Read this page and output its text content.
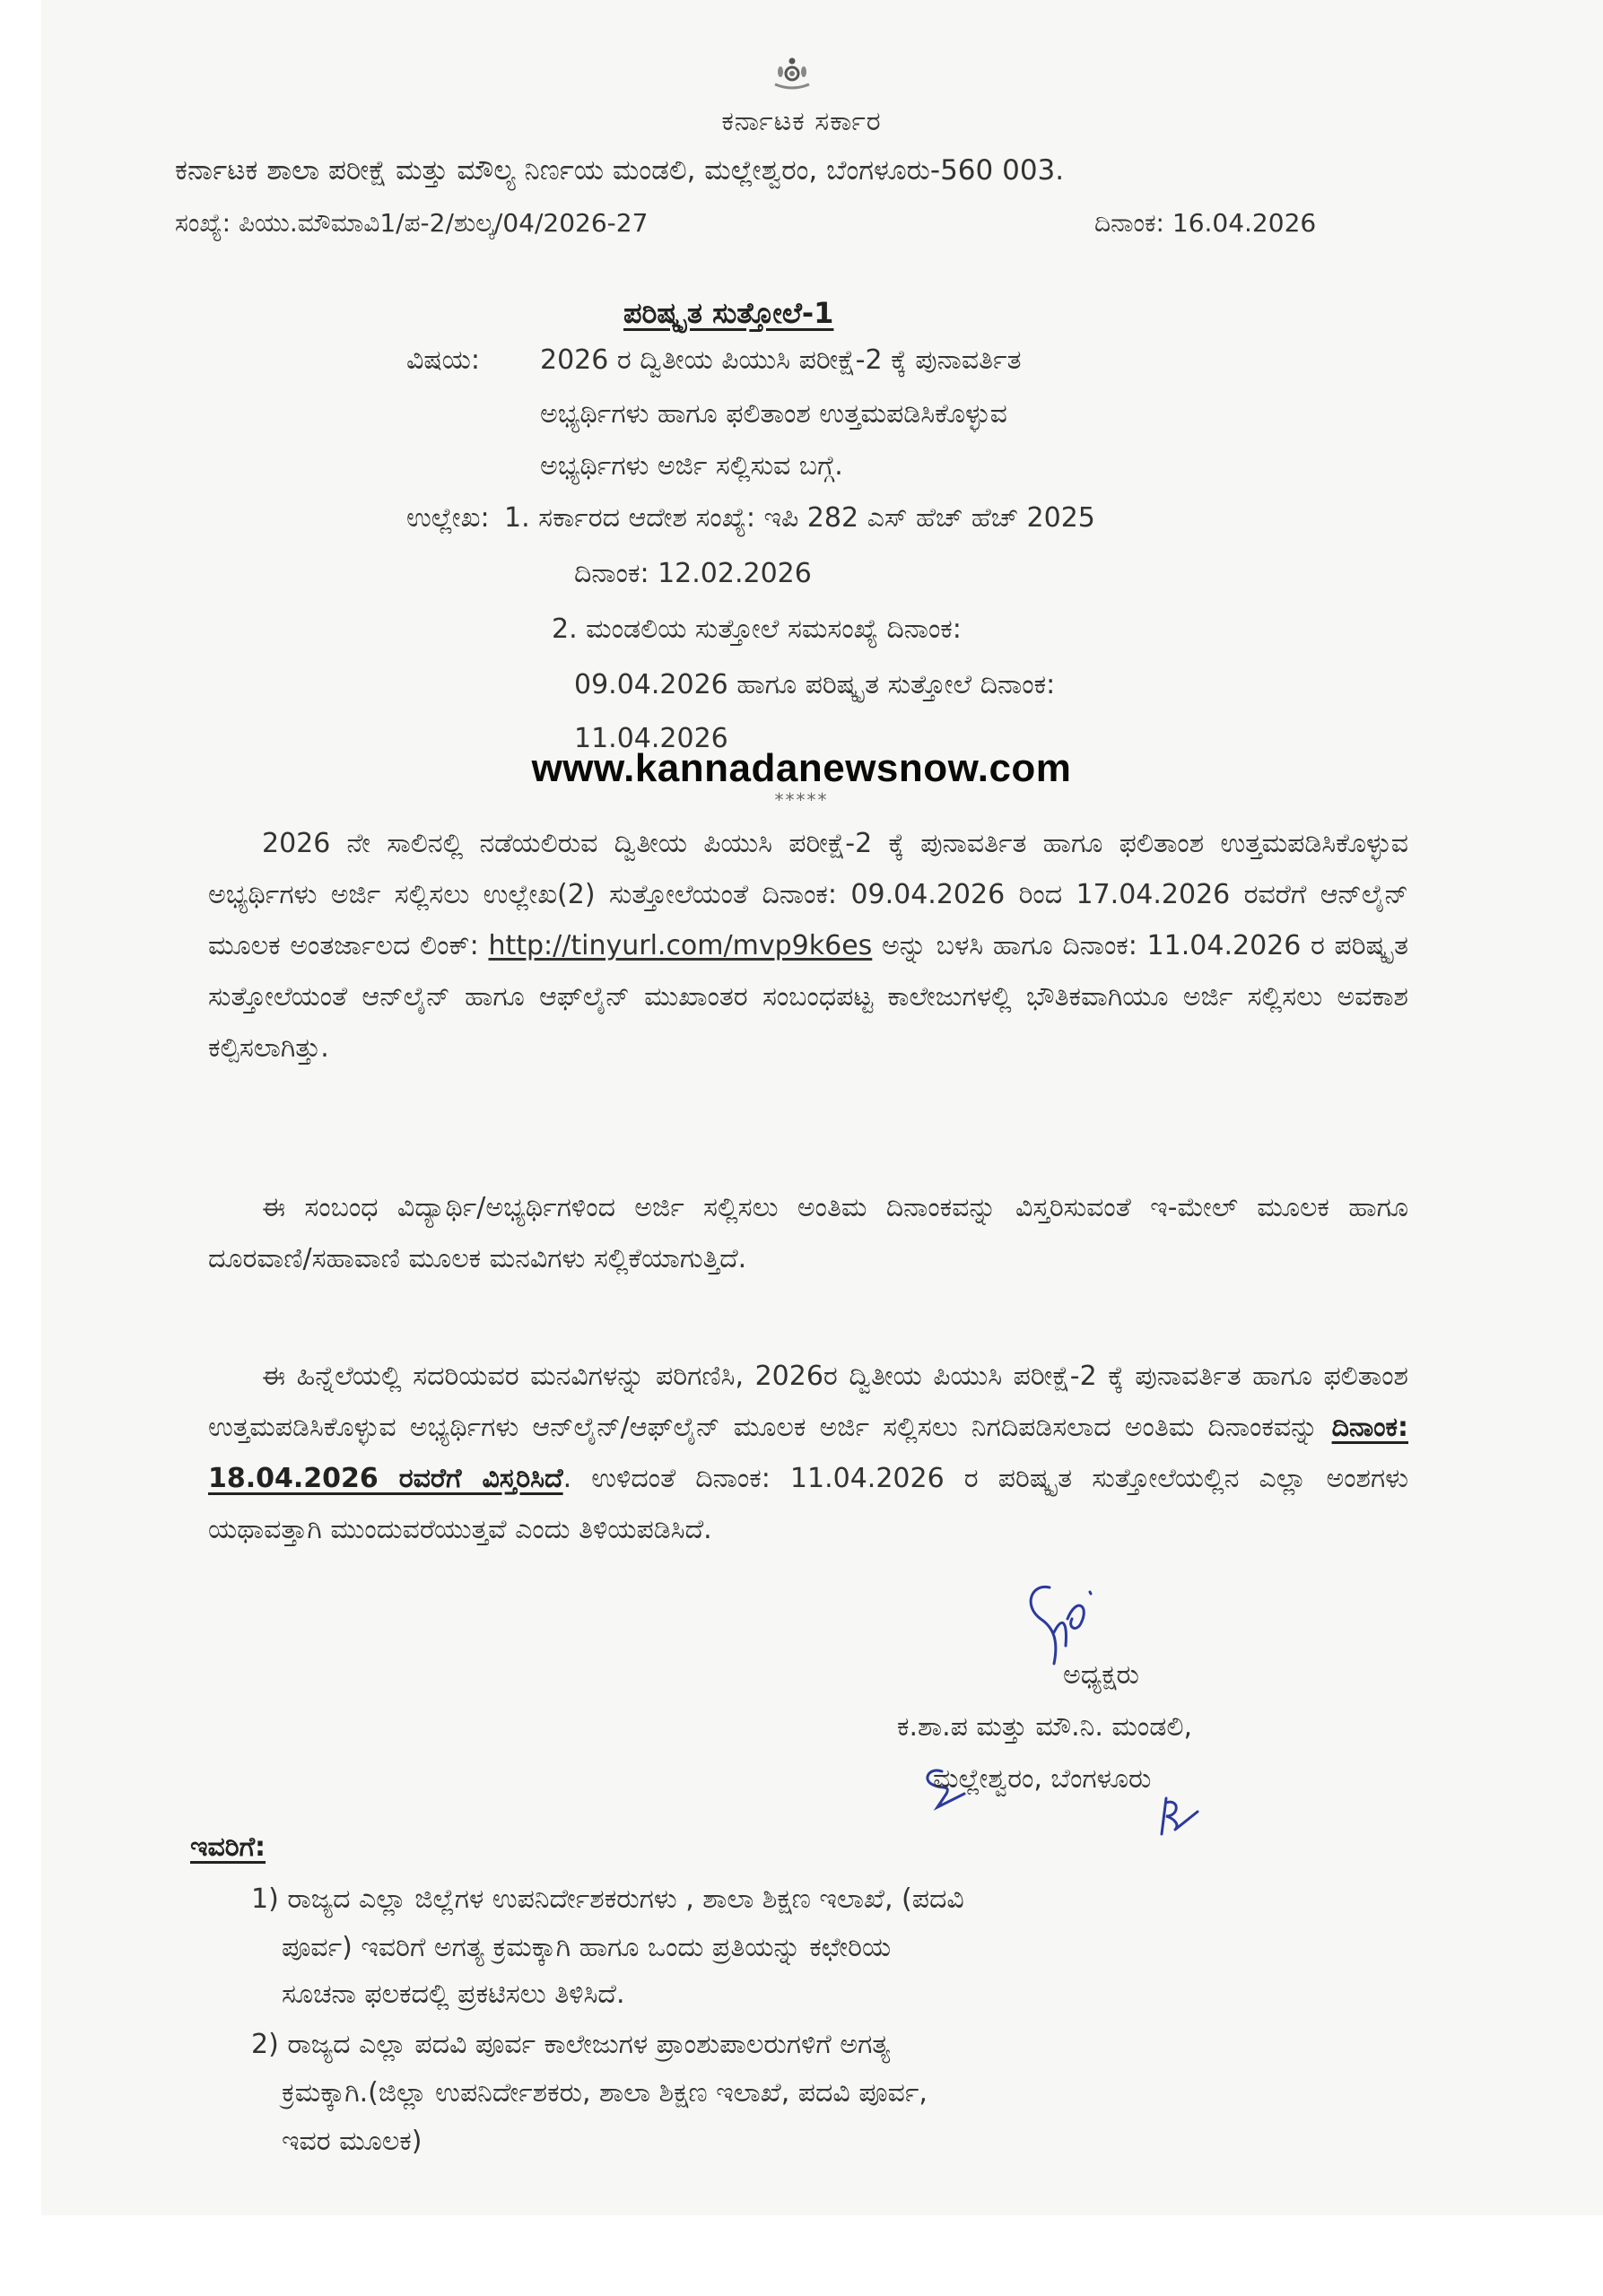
ಕರ್ನಾಟಕ ಸರ್ಕಾರ
ಕರ್ನಾಟಕ ಶಾಲಾ ಪರೀಕ್ಷೆ ಮತ್ತು ಮೌಲ್ಯ ನಿರ್ಣಯ ಮಂಡಲಿ, ಮಲ್ಲೇಶ್ವರಂ, ಬೆಂಗಳೂರು-560 003.
ಸಂಖ್ಯೆ: ಪಿಯು.ಮೌಮಾವಿ1/ಪ-2/ಶುಲ್ಕ/04/2026-27	ದಿನಾಂಕ: 16.04.2026
ಪರಿಷ್ಕೃತ ಸುತ್ತೋಲೆ-1
ವಿಷಯ: 2026 ರ ದ್ವಿತೀಯ ಪಿಯುಸಿ ಪರೀಕ್ಷೆ-2 ಕ್ಕೆ ಪುನಾವರ್ತಿತ
ಅಭ್ಯರ್ಥಿಗಳು ಹಾಗೂ ಫಲಿತಾಂಶ ಉತ್ತಮಪಡಿಸಿಕೊಳ್ಳುವ
ಅಭ್ಯರ್ಥಿಗಳು ಅರ್ಜಿ ಸಲ್ಲಿಸುವ ಬಗ್ಗೆ.
ಉಲ್ಲೇಖ: 1. ಸರ್ಕಾರದ ಆದೇಶ ಸಂಖ್ಯೆ: ಇಪಿ 282 ಎಸ್ ಹೆಚ್ ಹೆಚ್ 2025
ದಿನಾಂಕ: 12.02.2026
2. ಮಂಡಲಿಯ ಸುತ್ತೋಲೆ ಸಮಸಂಖ್ಯೆ ದಿನಾಂಕ:
09.04.2026 ಹಾಗೂ ಪರಿಷ್ಕೃತ ಸುತ್ತೋಲೆ ದಿನಾಂಕ:
11.04.2026
www.kannadanewsnow.com
*****
2026 ನೇ ಸಾಲಿನಲ್ಲಿ ನಡೆಯಲಿರುವ ದ್ವಿತೀಯ ಪಿಯುಸಿ ಪರೀಕ್ಷೆ-2 ಕ್ಕೆ ಪುನಾವರ್ತಿತ ಹಾಗೂ ಫಲಿತಾಂಶ ಉತ್ತಮಪಡಿಸಿಕೊಳ್ಳುವ ಅಭ್ಯರ್ಥಿಗಳು ಅರ್ಜಿ ಸಲ್ಲಿಸಲು ಉಲ್ಲೇಖ(2) ಸುತ್ತೋಲೆಯಂತೆ ದಿನಾಂಕ: 09.04.2026 ರಿಂದ 17.04.2026 ರವರೆಗೆ ಆನ್‌ಲೈನ್ ಮೂಲಕ ಅಂತರ್ಜಾಲದ ಲಿಂಕ್: http://tinyurl.com/mvp9k6es ಅನ್ನು ಬಳಸಿ ಹಾಗೂ ದಿನಾಂಕ: 11.04.2026 ರ ಪರಿಷ್ಕೃತ ಸುತ್ತೋಲೆಯಂತೆ ಆನ್‌ಲೈನ್ ಹಾಗೂ ಆಫ್‌ಲೈನ್ ಮುಖಾಂತರ ಸಂಬಂಧಪಟ್ಟ ಕಾಲೇಜುಗಳಲ್ಲಿ ಭೌತಿಕವಾಗಿಯೂ ಅರ್ಜಿ ಸಲ್ಲಿಸಲು ಅವಕಾಶ ಕಲ್ಪಿಸಲಾಗಿತ್ತು.
ಈ ಸಂಬಂಧ ವಿದ್ಯಾರ್ಥಿ/ಅಭ್ಯರ್ಥಿಗಳಿಂದ ಅರ್ಜಿ ಸಲ್ಲಿಸಲು ಅಂತಿಮ ದಿನಾಂಕವನ್ನು ವಿಸ್ತರಿಸುವಂತೆ ಇ-ಮೇಲ್ ಮೂಲಕ ಹಾಗೂ ದೂರವಾಣಿ/ಸಹಾವಾಣಿ ಮೂಲಕ ಮನವಿಗಳು ಸಲ್ಲಿಕೆಯಾಗುತ್ತಿದೆ.
ಈ ಹಿನ್ನೆಲೆಯಲ್ಲಿ ಸದರಿಯವರ ಮನವಿಗಳನ್ನು ಪರಿಗಣಿಸಿ, 2026ರ ದ್ವಿತೀಯ ಪಿಯುಸಿ ಪರೀಕ್ಷೆ-2 ಕ್ಕೆ ಪುನಾವರ್ತಿತ ಹಾಗೂ ಫಲಿತಾಂಶ ಉತ್ತಮಪಡಿಸಿಕೊಳ್ಳುವ ಅಭ್ಯರ್ಥಿಗಳು ಆನ್‌ಲೈನ್/ಆಫ್‌ಲೈನ್ ಮೂಲಕ ಅರ್ಜಿ ಸಲ್ಲಿಸಲು ನಿಗದಿಪಡಿಸಲಾದ ಅಂತಿಮ ದಿನಾಂಕವನ್ನು ದಿನಾಂಕ: 18.04.2026 ರವರೆಗೆ ವಿಸ್ತರಿಸಿದೆ. ಉಳಿದಂತೆ ದಿನಾಂಕ: 11.04.2026 ರ ಪರಿಷ್ಕೃತ ಸುತ್ತೋಲೆಯಲ್ಲಿನ ಎಲ್ಲಾ ಅಂಶಗಳು ಯಥಾವತ್ತಾಗಿ ಮುಂದುವರೆಯುತ್ತವೆ ಎಂದು ತಿಳಿಯಪಡಿಸಿದೆ.
ಅಧ್ಯಕ್ಷರು
ಕ.ಶಾ.ಪ ಮತ್ತು ಮೌ.ನಿ. ಮಂಡಲಿ,
ಮಲ್ಲೇಶ್ವರಂ, ಬೆಂಗಳೂರು
ಇವರಿಗೆ:
1) ರಾಜ್ಯದ ಎಲ್ಲಾ ಜಿಲ್ಲೆಗಳ ಉಪನಿರ್ದೇಶಕರುಗಳು , ಶಾಲಾ ಶಿಕ್ಷಣ ಇಲಾಖೆ, (ಪದವಿ
ಪೂರ್ವ) ಇವರಿಗೆ ಅಗತ್ಯ ಕ್ರಮಕ್ಕಾಗಿ ಹಾಗೂ ಒಂದು ಪ್ರತಿಯನ್ನು ಕಛೇರಿಯ
ಸೂಚನಾ ಫಲಕದಲ್ಲಿ ಪ್ರಕಟಿಸಲು ತಿಳಿಸಿದೆ.
2) ರಾಜ್ಯದ ಎಲ್ಲಾ ಪದವಿ ಪೂರ್ವ ಕಾಲೇಜುಗಳ ಪ್ರಾಂಶುಪಾಲರುಗಳಿಗೆ ಅಗತ್ಯ
ಕ್ರಮಕ್ಕಾಗಿ.(ಜಿಲ್ಲಾ ಉಪನಿರ್ದೇಶಕರು, ಶಾಲಾ ಶಿಕ್ಷಣ ಇಲಾಖೆ, ಪದವಿ ಪೂರ್ವ,
ಇವರ ಮೂಲಕ)
